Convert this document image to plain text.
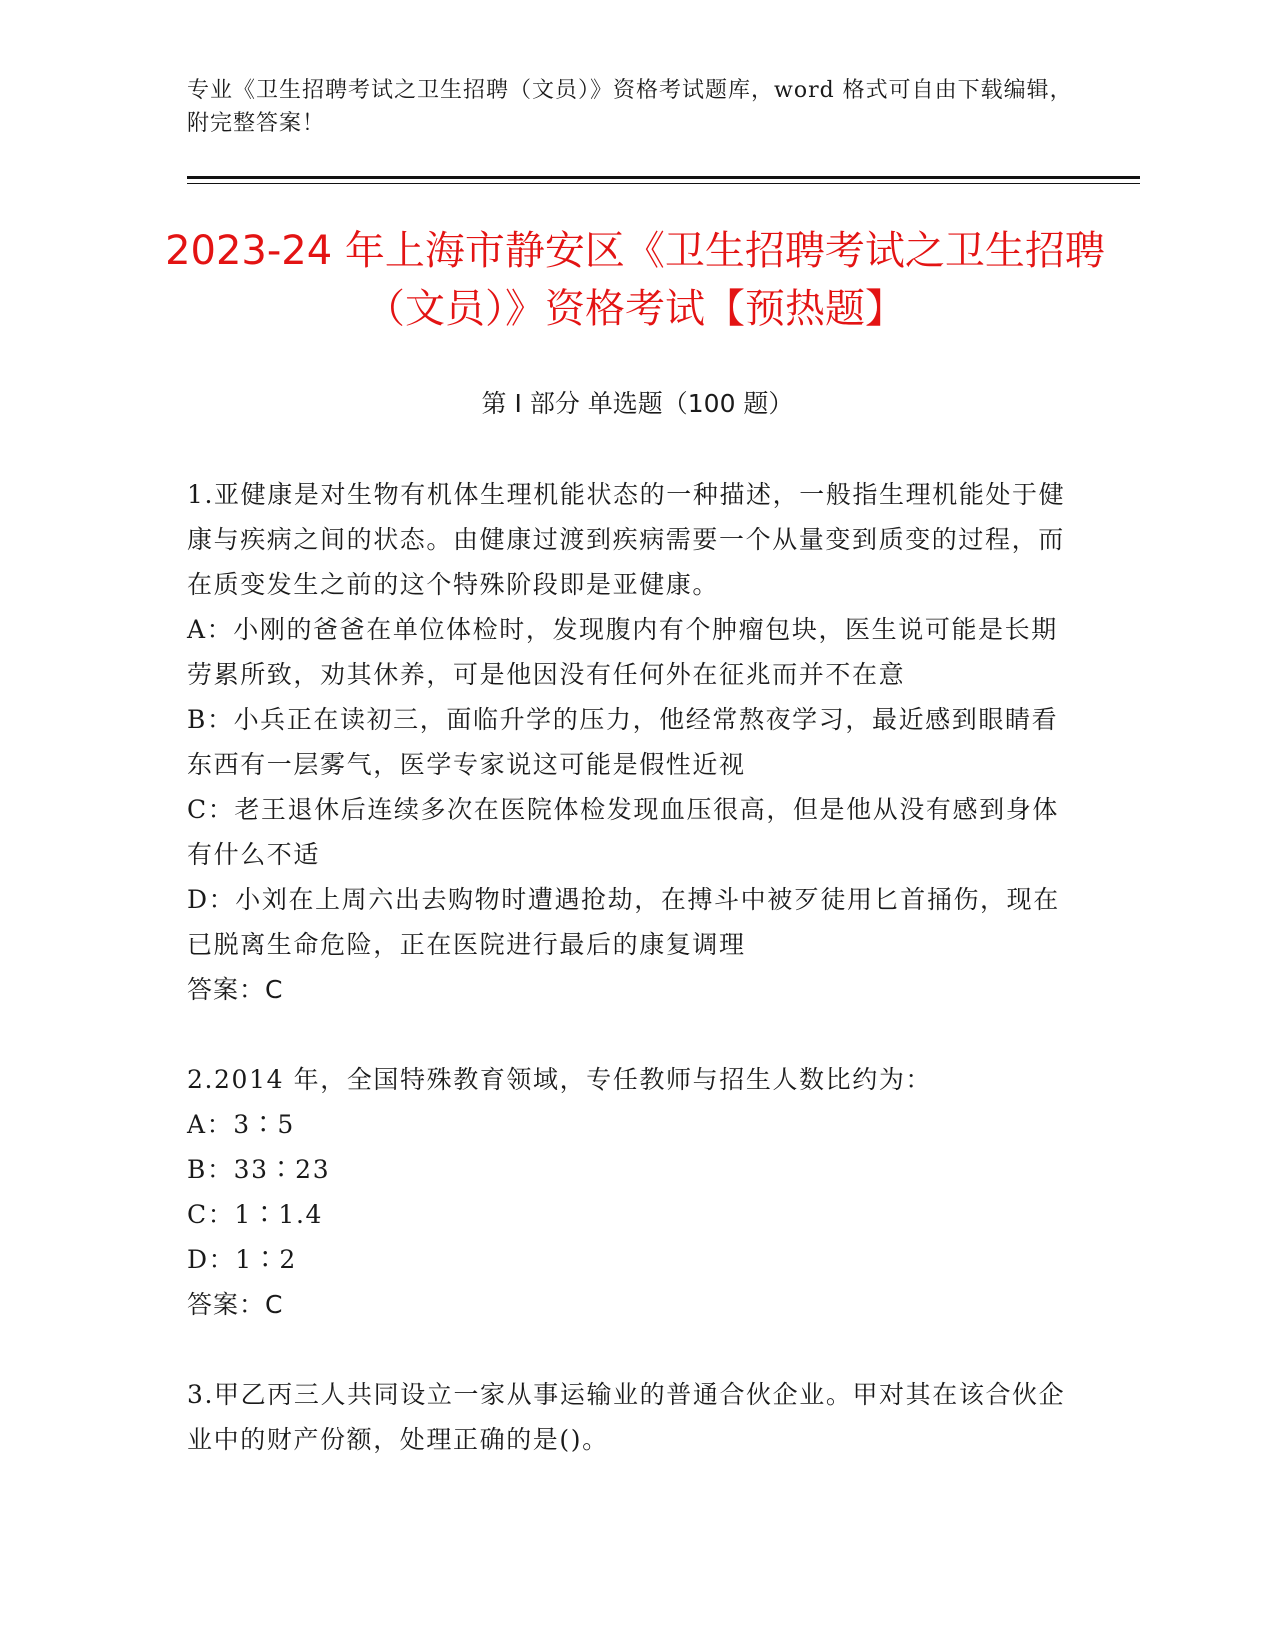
专业《卫生招聘考试之卫生招聘（文员）》资格考试题库，word 格式可自由下载编辑，附完整答案！
2023-24 年上海市静安区《卫生招聘考试之卫生招聘（文员）》资格考试【预热题】
第 I 部分 单选题（100 题）

1.亚健康是对生物有机体生理机能状态的一种描述，一般指生理机能处于健康与疾病之间的状态。由健康过渡到疾病需要一个从量变到质变的过程，而在质变发生之前的这个特殊阶段即是亚健康。

A：小刚的爸爸在单位体检时，发现腹内有个肿瘤包块，医生说可能是长期劳累所致，劝其休养，可是他因没有任何外在征兆而并不在意

B：小兵正在读初三，面临升学的压力，他经常熬夜学习，最近感到眼睛看东西有一层雾气，医学专家说这可能是假性近视

C：老王退休后连续多次在医院体检发现血压很高，但是他从没有感到身体有什么不适

D：小刘在上周六出去购物时遭遇抢劫，在搏斗中被歹徒用匕首捅伤，现在已脱离生命危险，正在医院进行最后的康复调理

答案：C

2.2014 年，全国特殊教育领域，专任教师与招生人数比约为：

A：3∶5

B：33∶23

C：1∶1.4

D：1∶2

答案：C

3.甲乙丙三人共同设立一家从事运输业的普通合伙企业。甲对其在该合伙企业中的财产份额，处理正确的是()。
